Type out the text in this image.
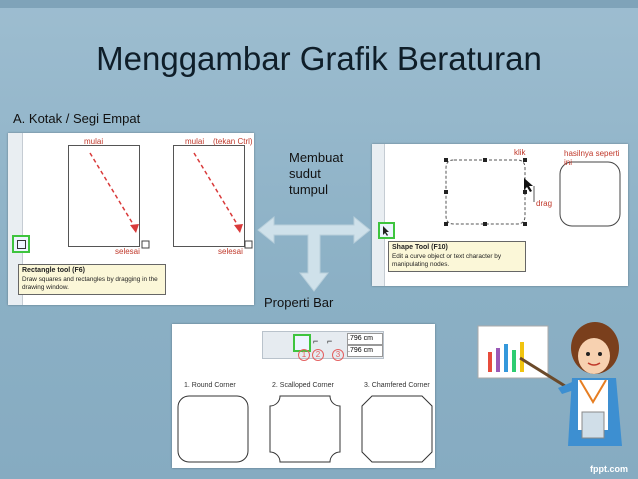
Menggambar Grafik Beraturan
A. Kotak / Segi Empat
mulai	mulai (tekan Ctrl)
selesai	selesai
Rectangle tool (F6)
Draw squares and rectangles by dragging in the drawing window.
Membuat
sudut
tumpul
Properti Bar
klik
drag
hasilnya seperti ini
Shape Tool (F10)
Edit a curve object or text character by manipulating nodes.
⌐ ⌐ .796 cm
.796 cm
1	2	3
1. Round Corner	2. Scalloped Corner	3. Chamfered Corner
fppt.com
